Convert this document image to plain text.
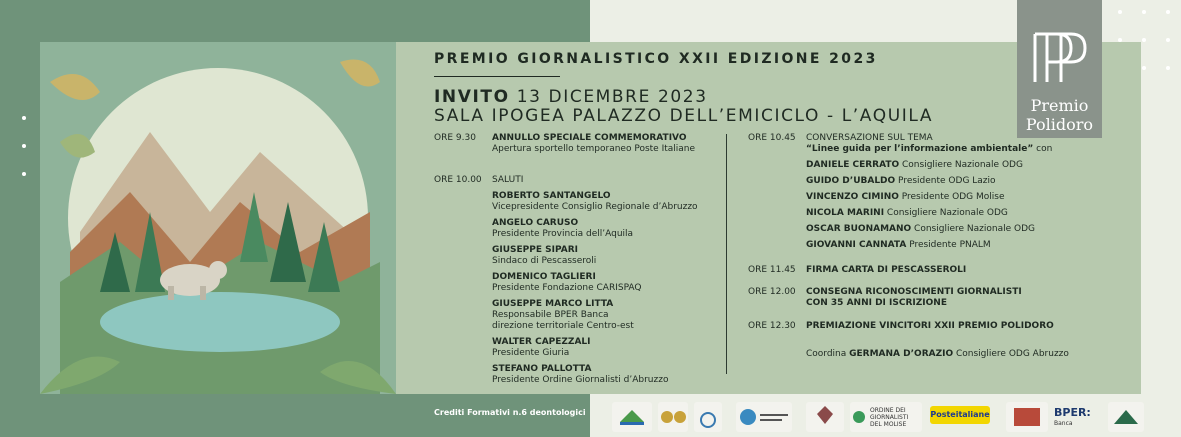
Premio
Polidoro
PREMIO GIORNALISTICO XXII EDIZIONE 2023
INVITO 13 DICEMBRE 2023
SALA IPOGEA PALAZZO DELL’EMICICLO - L’AQUILA
ORE 9.30 ANNULLO SPECIALE COMMEMORATIVO
Apertura sportello temporaneo Poste Italiane
ORE 10.00 SALUTI
ROBERTO SANTANGELO
Vicepresidente Consiglio Regionale d’Abruzzo
ANGELO CARUSO
Presidente Provincia dell’Aquila
GIUSEPPE SIPARI
Sindaco di Pescasseroli
DOMENICO TAGLIERI
Presidente Fondazione CARISPAQ
GIUSEPPE MARCO LITTA
Responsabile BPER Banca
direzione territoriale Centro-est
WALTER CAPEZZALI
Presidente Giuria
STEFANO PALLOTTA
Presidente Ordine Giornalisti d’Abruzzo
ORE 10.45 CONVERSAZIONE SUL TEMA
“Linee guida per l’informazione ambientale” con
DANIELE CERRATO Consigliere Nazionale ODG
GUIDO D’UBALDO Presidente ODG Lazio
VINCENZO CIMINO Presidente ODG Molise
NICOLA MARINI Consigliere Nazionale ODG
OSCAR BUONAMANO Consigliere Nazionale ODG
GIOVANNI CANNATA Presidente PNALM
ORE 11.45 FIRMA CARTA DI PESCASSEROLI
ORE 12.00 CONSEGNA RICONOSCIMENTI GIORNALISTI
CON 35 ANNI DI ISCRIZIONE
ORE 12.30 PREMIAZIONE VINCITORI XXII PREMIO POLIDORO
Coordina GERMANA D’ORAZIO Consigliere ODG Abruzzo
Crediti Formativi n.6 deontologici	ORDINE DEI GIORNALISTI DEL MOLISE
Posteitaliane	BPER:
Banca
